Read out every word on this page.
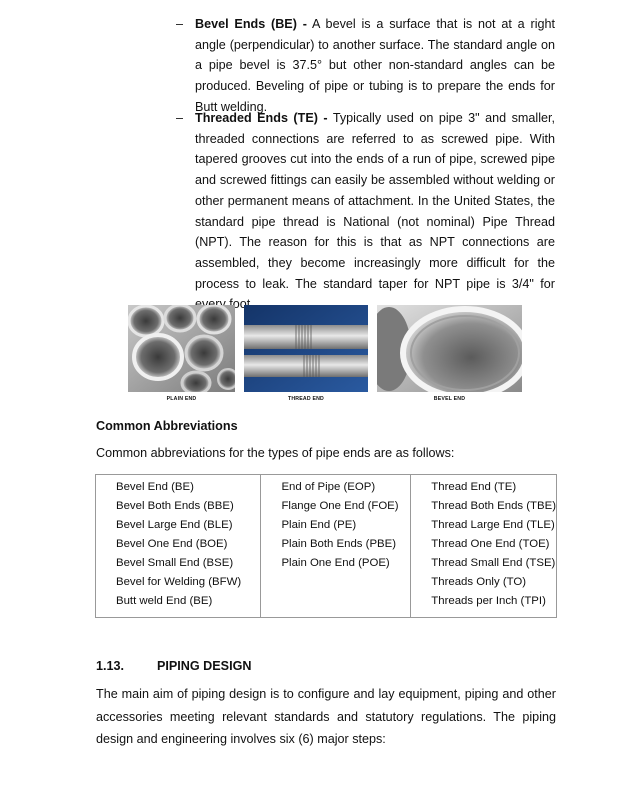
– Bevel Ends (BE) - A bevel is a surface that is not at a right angle (perpendicular) to another surface. The standard angle on a pipe bevel is 37.5° but other non-standard angles can be produced. Beveling of pipe or tubing is to prepare the ends for Butt welding.
– Threaded Ends (TE) - Typically used on pipe 3" and smaller, threaded connections are referred to as screwed pipe. With tapered grooves cut into the ends of a run of pipe, screwed pipe and screwed fittings can easily be assembled without welding or other permanent means of attachment. In the United States, the standard pipe thread is National (not nominal) Pipe Thread (NPT). The reason for this is that as NPT connections are assembled, they become increasingly more difficult for the process to leak. The standard taper for NPT pipe is 3/4" for foot.
PLAIN END	THREAD END	BEVEL END
Common Abbreviations
Common abbreviations for the types of pipe ends are as follows:
Bevel End (BE)
Bevel Both Ends (BBE)
Bevel Large End (BLE)
Bevel One End (BOE)
Bevel Small End (BSE)
Bevel for Welding (BFW)
Butt weld End (BE)

End of Pipe (EOP)
Flange One End (FOE)
Plain End (PE)
Plain Both Ends (PBE)
Plain One End (POE)

Thread End (TE)
Thread Both Ends (TBE)
Thread Large End (TLE)
Thread One End (TOE)
Thread Small End (TSE)
Threads Only (TO)
Threads per Inch (TPI)
1.13.	PIPING DESIGN
The main aim of piping design is to configure and lay equipment, piping and other accessories meeting relevant standards and statutory regulations. The piping design and engineering involves six (6) major steps:
